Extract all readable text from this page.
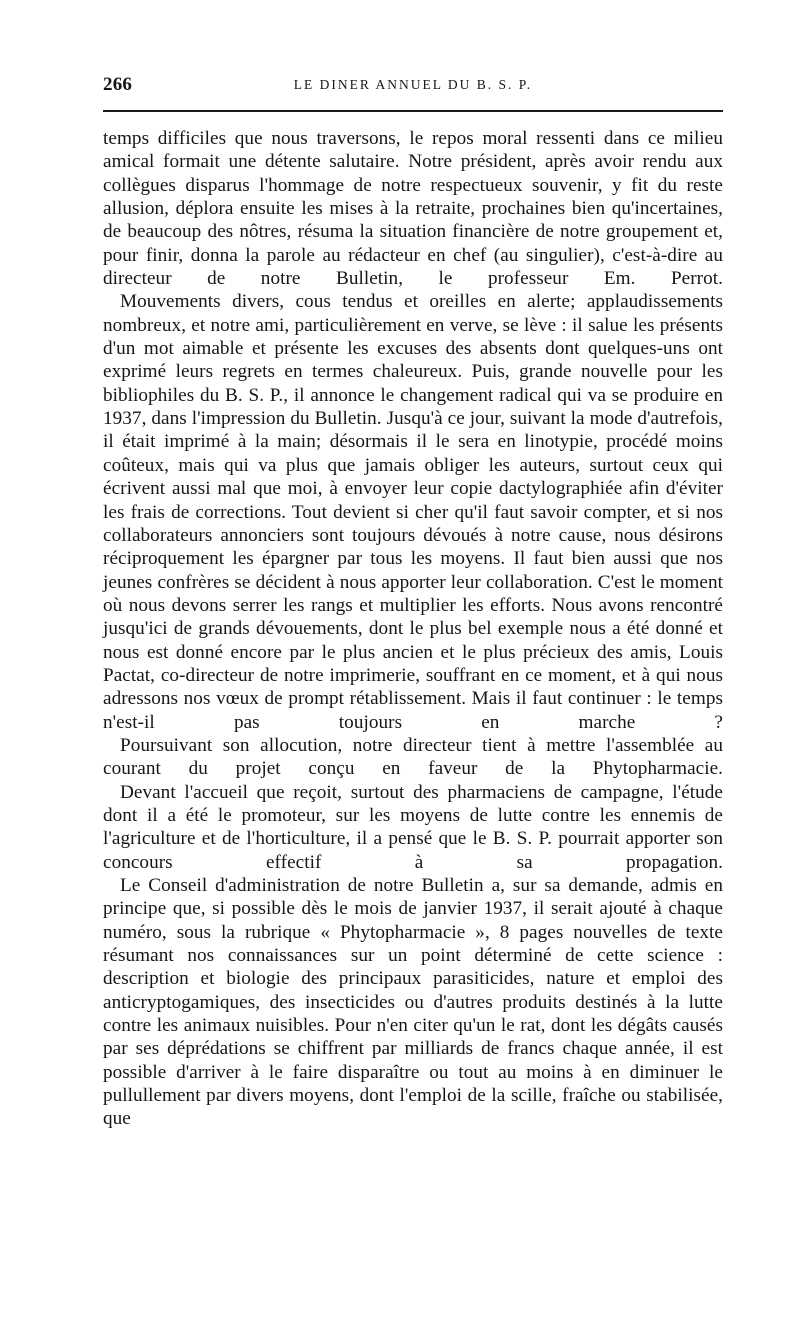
266	LE DINER ANNUEL DU B. S. P.

temps difficiles que nous traversons, le repos moral ressenti dans ce milieu amical formait une détente salutaire. Notre président, après avoir rendu aux collègues disparus l'hommage de notre respectueux souvenir, y fit du reste allusion, déplora ensuite les mises à la retraite, prochaines bien qu'incertaines, de beaucoup des nôtres, résuma la situation financière de notre groupement et, pour finir, donna la parole au rédacteur en chef (au singulier), c'est-à-dire au directeur de notre Bulletin, le professeur Em. Perrot.

Mouvements divers, cous tendus et oreilles en alerte; applaudissements nombreux, et notre ami, particulièrement en verve, se lève : il salue les présents d'un mot aimable et présente les excuses des absents dont quelques-uns ont exprimé leurs regrets en termes chaleureux. Puis, grande nouvelle pour les bibliophiles du B. S. P., il annonce le changement radical qui va se produire en 1937, dans l'impression du Bulletin. Jusqu'à ce jour, suivant la mode d'autrefois, il était imprimé à la main; désormais il le sera en linotypie, procédé moins coûteux, mais qui va plus que jamais obliger les auteurs, surtout ceux qui écrivent aussi mal que moi, à envoyer leur copie dactylographiée afin d'éviter les frais de corrections. Tout devient si cher qu'il faut savoir compter, et si nos collaborateurs annonciers sont toujours dévoués à notre cause, nous désirons réciproquement les épargner par tous les moyens. Il faut bien aussi que nos jeunes confrères se décident à nous apporter leur collaboration. C'est le moment où nous devons serrer les rangs et multiplier les efforts. Nous avons rencontré jusqu'ici de grands dévouements, dont le plus bel exemple nous a été donné et nous est donné encore par le plus ancien et le plus précieux des amis, Louis Pactat, co-directeur de notre imprimerie, souffrant en ce moment, et à qui nous adressons nos vœux de prompt rétablissement. Mais il faut continuer : le temps n'est-il pas toujours en marche ?

Poursuivant son allocution, notre directeur tient à mettre l'assemblée au courant du projet conçu en faveur de la Phytopharmacie.

Devant l'accueil que reçoit, surtout des pharmaciens de campagne, l'étude dont il a été le promoteur, sur les moyens de lutte contre les ennemis de l'agriculture et de l'horticulture, il a pensé que le B. S. P. pourrait apporter son concours effectif à sa propagation.

Le Conseil d'administration de notre Bulletin a, sur sa demande, admis en principe que, si possible dès le mois de janvier 1937, il serait ajouté à chaque numéro, sous la rubrique « Phytopharmacie », 8 pages nouvelles de texte résumant nos connaissances sur un point déterminé de cette science : description et biologie des principaux parasiticides, nature et emploi des anticryptogamiques, des insecticides ou d'autres produits destinés à la lutte contre les animaux nuisibles. Pour n'en citer qu'un le rat, dont les dégâts causés par ses déprédations se chiffrent par milliards de francs chaque année, il est possible d'arriver à le faire disparaître ou tout au moins à en diminuer le pullullement par divers moyens, dont l'emploi de la scille, fraîche ou stabilisée, que
